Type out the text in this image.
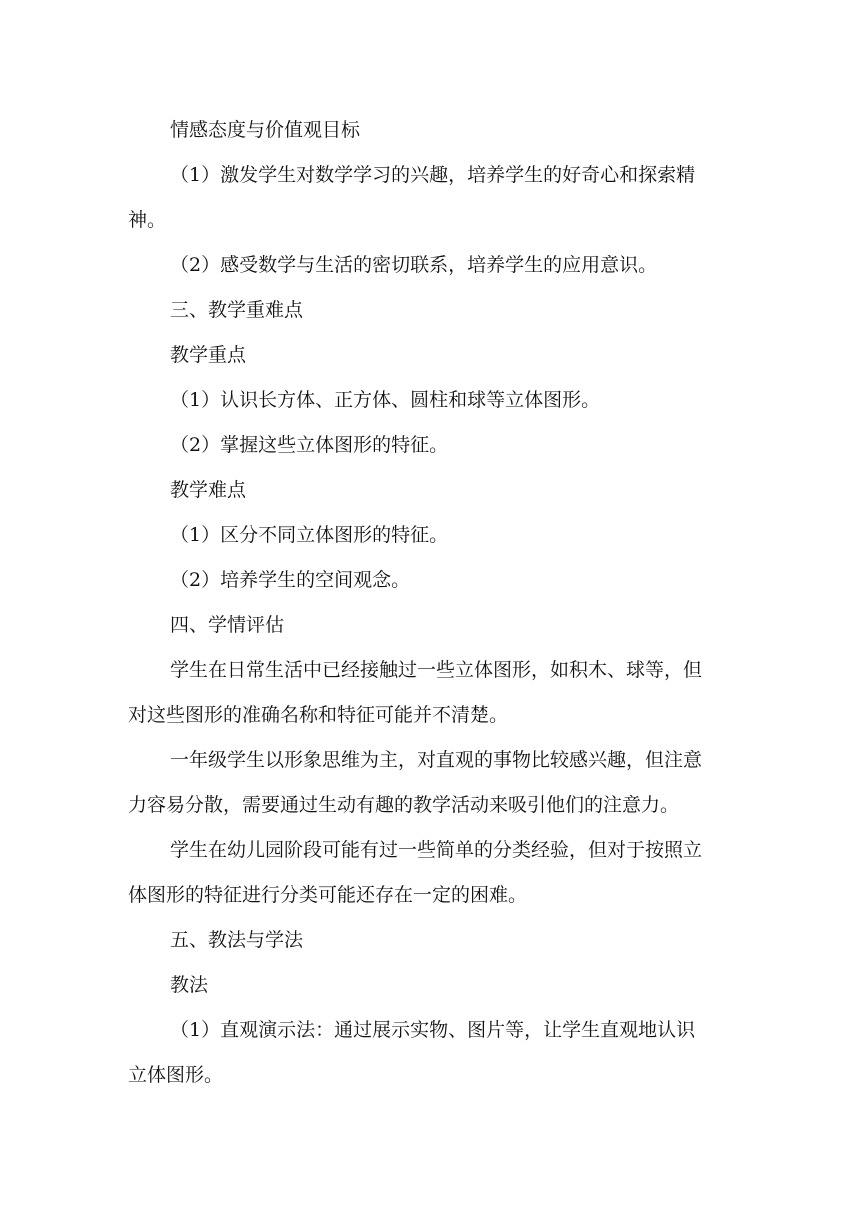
情感态度与价值观目标

（1）激发学生对数学学习的兴趣，培养学生的好奇心和探索精
神。

（2）感受数学与生活的密切联系，培养学生的应用意识。

三、教学重难点

教学重点

（1）认识长方体、正方体、圆柱和球等立体图形。

（2）掌握这些立体图形的特征。

教学难点

（1）区分不同立体图形的特征。

（2）培养学生的空间观念。

四、学情评估

学生在日常生活中已经接触过一些立体图形，如积木、球等，但
对这些图形的准确名称和特征可能并不清楚。

一年级学生以形象思维为主，对直观的事物比较感兴趣，但注意
力容易分散，需要通过生动有趣的教学活动来吸引他们的注意力。

学生在幼儿园阶段可能有过一些简单的分类经验，但对于按照立
体图形的特征进行分类可能还存在一定的困难。

五、教法与学法

教法

（1）直观演示法：通过展示实物、图片等，让学生直观地认识
立体图形。
